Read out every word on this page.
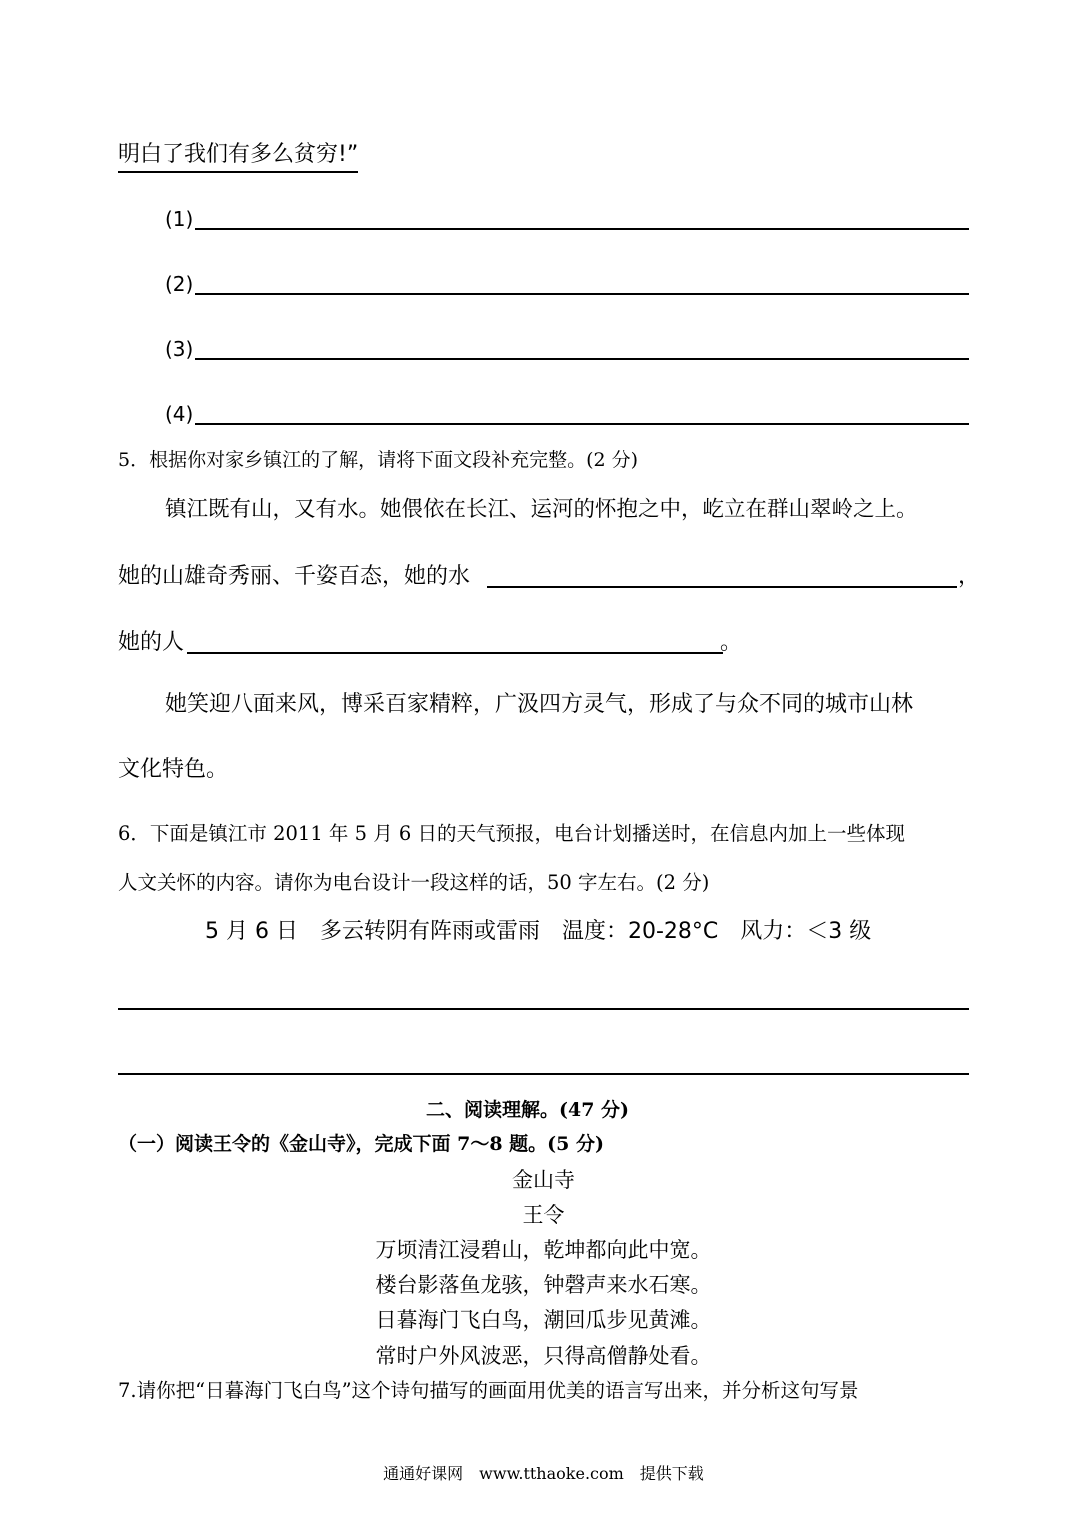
明白了我们有多么贫穷!”
(1)
(2)
(3)
(4)
5．根据你对家乡镇江的了解，请将下面文段补充完整。(2 分)
镇江既有山，又有水。她偎依在长江、运河的怀抱之中，屹立在群山翠岭之上。
她的山雄奇秀丽、千姿百态，她的水	，
她的人	。
她笑迎八面来风，博采百家精粹，广汲四方灵气，形成了与众不同的城市山林
文化特色。
6．下面是镇江市 2011 年 5 月 6 日的天气预报，电台计划播送时，在信息内加上一些体现
人文关怀的内容。请你为电台设计一段这样的话，50 字左右。(2 分)
5 月 6 日　多云转阴有阵雨或雷雨　温度：20-28°C　风力：＜3 级
二、阅读理解。(47 分)
（一）阅读王令的《金山寺》，完成下面 7～8 题。(5 分)
金山寺
王令
万顷清江浸碧山，乾坤都向此中宽。
楼台影落鱼龙骇，钟磬声来水石寒。
日暮海门飞白鸟，潮回瓜步见黄滩。
常时户外风波恶，只得高僧静处看。
7.请你把“日暮海门飞白鸟”这个诗句描写的画面用优美的语言写出来，并分析这句写景
通通好课网　www.tthaoke.com　提供下载
